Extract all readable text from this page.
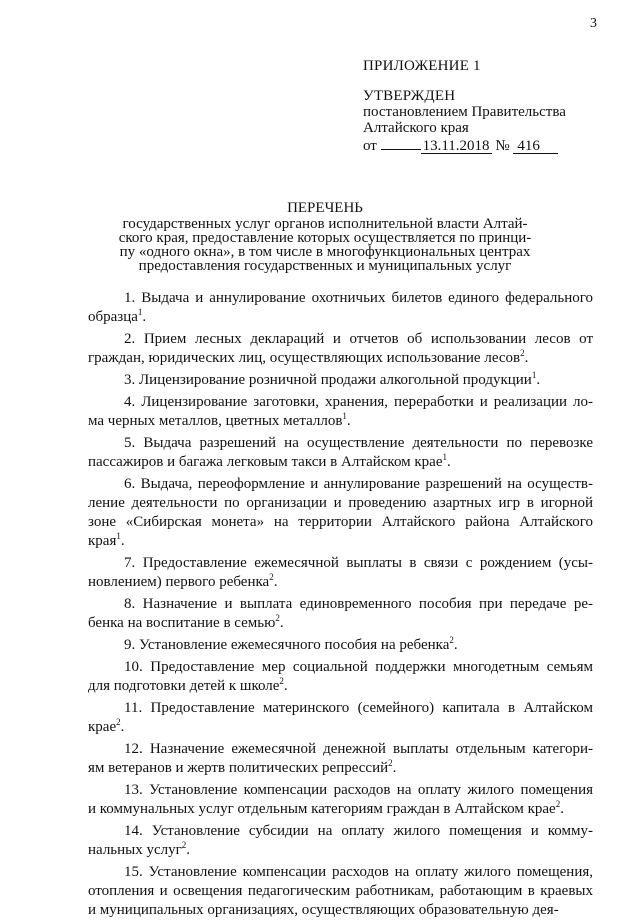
3
ПРИЛОЖЕНИЕ 1
УТВЕРЖДЕН
постановлением Правительства
Алтайского края
от	13.11.2018 № 416
ПЕРЕЧЕНЬ
государственных услуг органов исполнительной власти Алтай-
ского края, предоставление которых осуществляется по принци-
пу «одного окна», в том числе в многофункциональных центрах
предоставления государственных и муниципальных услуг
1. Выдача и аннулирование охотничьих билетов единого федерального
образца$^1$.
2. Прием лесных деклараций и отчетов об использовании лесов от
граждан, юридических лиц, осуществляющих использование лесов$^2$.
3. Лицензирование розничной продажи алкогольной продукции$^1$.
4. Лицензирование заготовки, хранения, переработки и реализации ло-
ма черных металлов, цветных металлов$^1$.
5. Выдача разрешений на осуществление деятельности по перевозке
пассажиров и багажа легковым такси в Алтайском крае$^1$.
6. Выдача, переоформление и аннулирование разрешений на осуществ-
ление деятельности по организации и проведению азартных игр в игорной
зоне «Сибирская монета» на территории Алтайского района Алтайского
края$^1$.
7. Предоставление ежемесячной выплаты в связи с рождением (усы-
новлением) первого ребенка$^2$.
8. Назначение и выплата единовременного пособия при передаче ре-
бенка на воспитание в семью$^2$.
9. Установление ежемесячного пособия на ребенка$^2$.
10. Предоставление мер социальной поддержки многодетным семьям
для подготовки детей к школе$^2$.
11. Предоставление материнского (семейного) капитала в Алтайском
крае$^2$.
12. Назначение ежемесячной денежной выплаты отдельным категори-
ям ветеранов и жертв политических репрессий$^2$.
13. Установление компенсации расходов на оплату жилого помещения
и коммунальных услуг отдельным категориям граждан в Алтайском крае$^2$.
14. Установление субсидии на оплату жилого помещения и комму-
нальных услуг$^2$.
15. Установление компенсации расходов на оплату жилого помещения,
отопления и освещения педагогическим работникам, работающим в краевых
и муниципальных организациях, осуществляющих образовательную дея-
